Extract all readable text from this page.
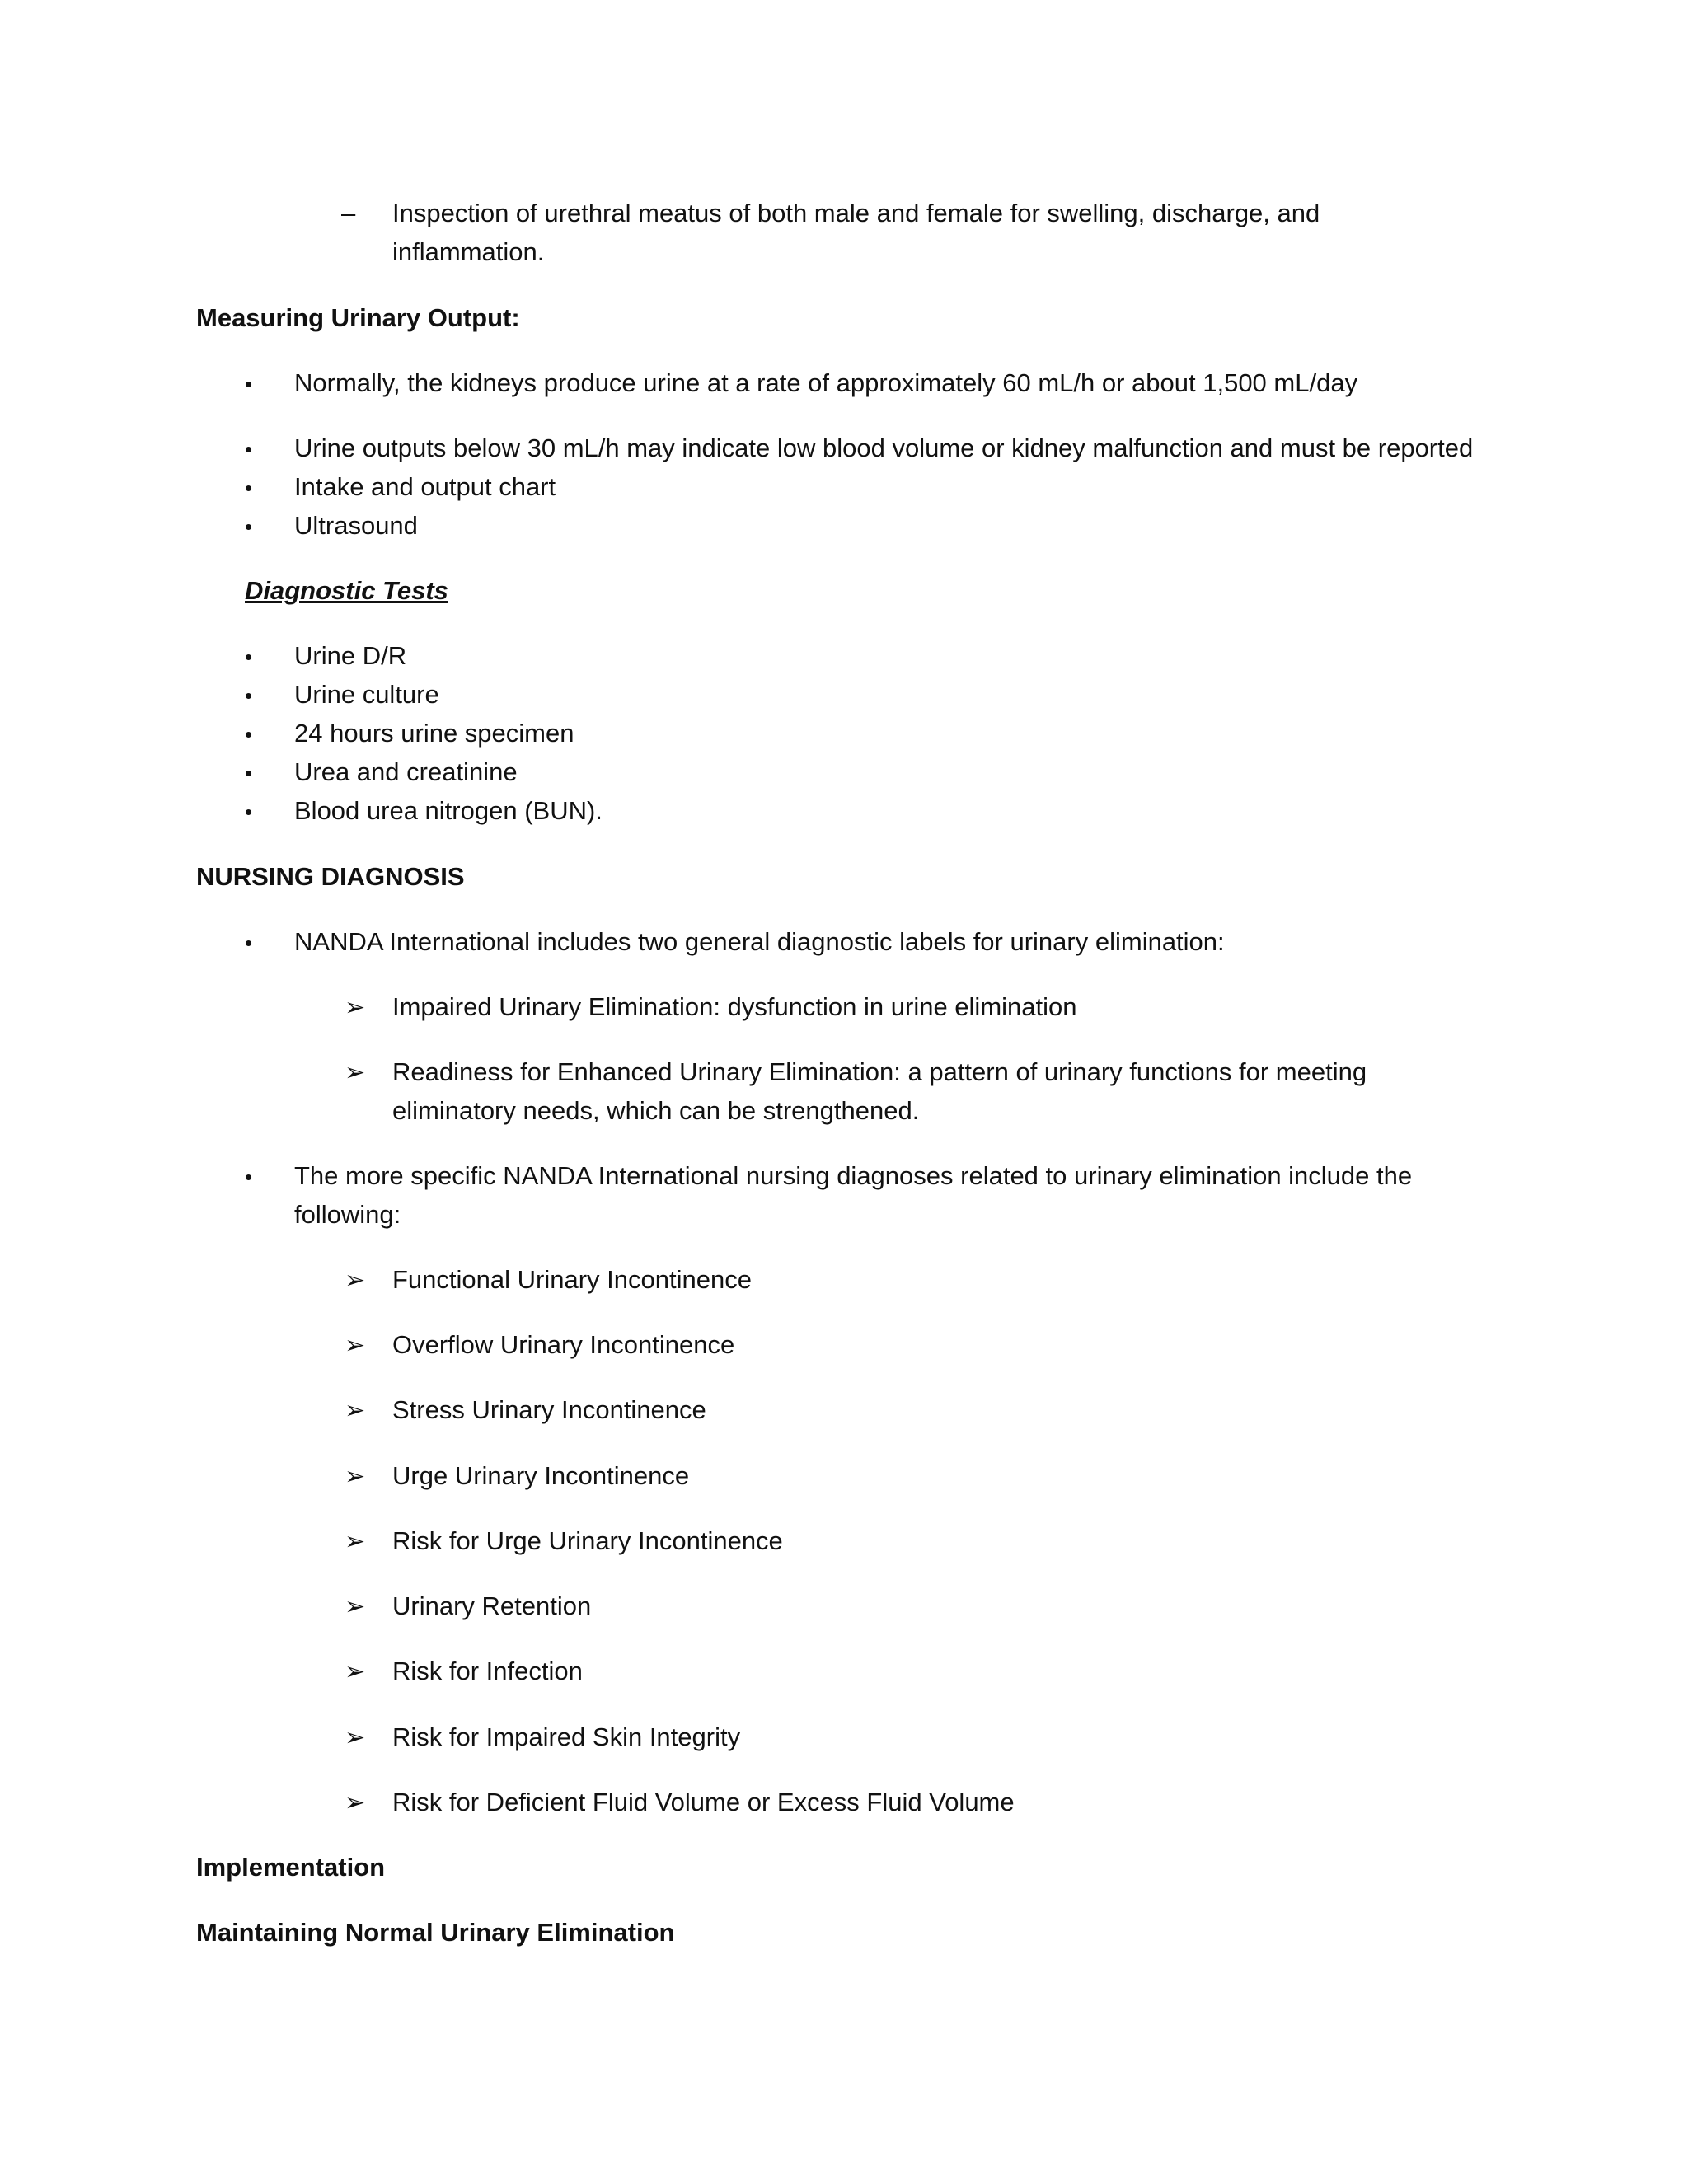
–	Inspection of urethral meatus of both male and female for swelling, discharge, and inflammation.
Measuring Urinary Output:
•	Normally, the kidneys produce urine at a rate of approximately 60 mL/h or about 1,500 mL/day
•	Urine outputs below 30 mL/h may indicate low blood volume or kidney malfunction and must be reported
•	Intake and output chart
•	Ultrasound
Diagnostic Tests
•	Urine D/R
•	Urine culture
•	24 hours urine specimen
•	Urea and creatinine
•	Blood urea nitrogen (BUN).
NURSING DIAGNOSIS
•	NANDA International includes two general diagnostic labels for urinary elimination:
➢	Impaired Urinary Elimination: dysfunction in urine elimination
➢	Readiness for Enhanced Urinary Elimination: a pattern of urinary functions for meeting eliminatory needs, which can be strengthened.
•	The more specific NANDA International nursing diagnoses related to urinary elimination include the following:
➢	Functional Urinary Incontinence
➢	Overflow Urinary Incontinence
➢	Stress Urinary Incontinence
➢	Urge Urinary Incontinence
➢	Risk for Urge Urinary Incontinence
➢	Urinary Retention
➢	Risk for Infection
➢	Risk for Impaired Skin Integrity
➢	Risk for Deficient Fluid Volume or Excess Fluid Volume
Implementation
Maintaining Normal Urinary Elimination
